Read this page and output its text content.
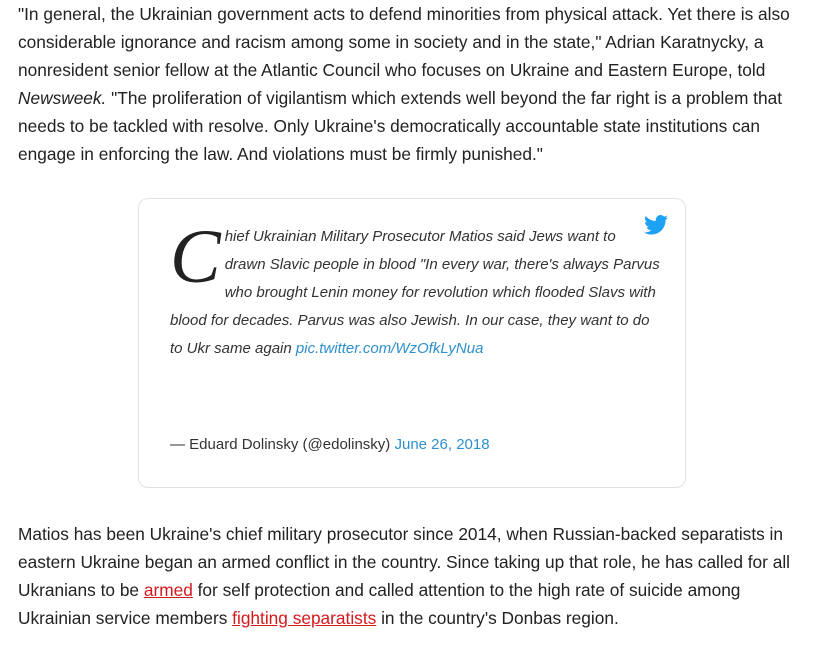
"In general, the Ukrainian government acts to defend minorities from physical attack. Yet there is also considerable ignorance and racism among some in society and in the state," Adrian Karatnycky, a nonresident senior fellow at the Atlantic Council who focuses on Ukraine and Eastern Europe, told Newsweek. "The proliferation of vigilantism which extends well beyond the far right is a problem that needs to be tackled with resolve. Only Ukraine's democratically accountable state institutions can engage in enforcing the law. And violations must be firmly punished."

Chief Ukrainian Military Prosecutor Matios said Jews want to drawn Slavic people in blood "In every war, there's always Parvus who brought Lenin money for revolution which flooded Slavs with blood for decades. Parvus was also Jewish. In our case, they want to do to Ukr same again pic.twitter.com/WzOfkLyNua
— Eduard Dolinsky (@edolinsky) June 26, 2018

Matios has been Ukraine's chief military prosecutor since 2014, when Russian-backed separatists in eastern Ukraine began an armed conflict in the country. Since taking up that role, he has called for all Ukranians to be armed for self protection and called attention to the high rate of suicide among Ukrainian service members fighting separatists in the country's Donbas region.
